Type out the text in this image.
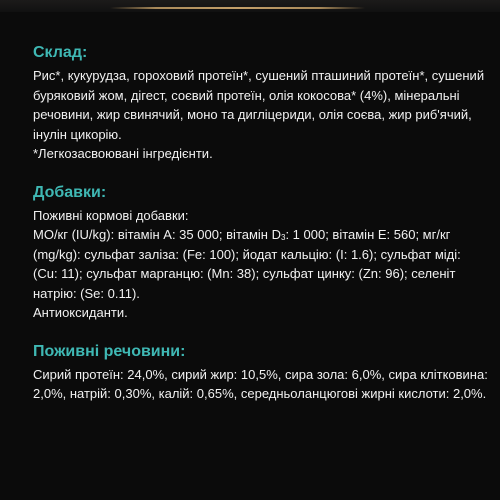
Склад:

Рис*, кукурудза, гороховий протеїн*, сушений пташиний протеїн*, сушений буряковий жом, дігест, соєвий протеїн, олія кокосова* (4%), мінеральні речовини, жир свинячий, моно та дигліцериди, олія соєва, жир риб'ячий, інулін цикорію.

*Легкозасвоювані інгредієнти.

Добавки:

Поживні кормові добавки:

МО/кг (IU/kg): вітамін А: 35 000; вітамін $D_3$: 1 000; вітамін Е: 560; мг/кг (mg/kg): сульфат заліза: (Fe: 100); йодат кальцію: (I: 1.6); сульфат міді: (Cu: 11); сульфат марганцю: (Mn: 38); сульфат цинку: (Zn: 96); селеніт натрію: (Se: 0.11).

Антиоксиданти.

Поживні речовини:

Сирий протеїн: 24,0%, сирий жир: 10,5%, сира зола: 6,0%, сира клітковина: 2,0%, натрій: 0,30%, калій: 0,65%, середньоланцюгові жирні кислоти: 2,0%.
